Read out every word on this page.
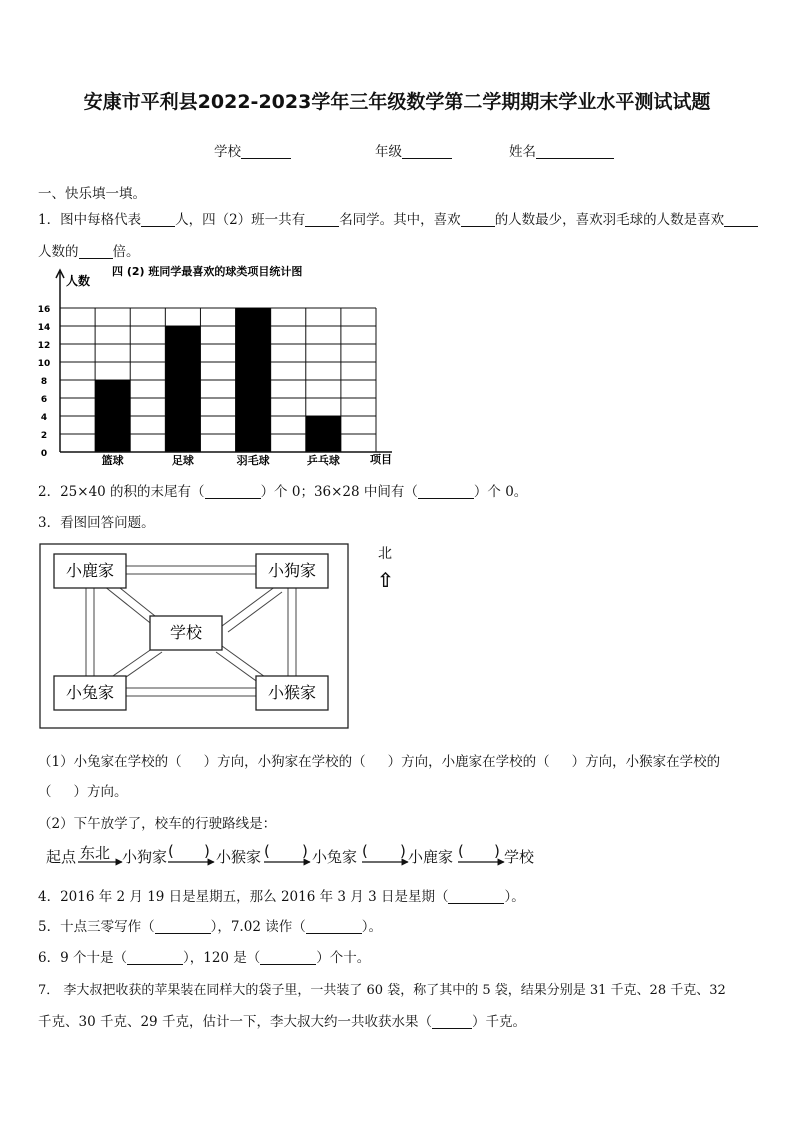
安康市平利县2022-2023学年三年级数学第二学期期末学业水平测试试题
学校	年级	姓名
一、快乐填一填。
1．图中每格代表	人，四（2）班一共有	名同学。其中，喜欢	的人数最少，喜欢羽毛球的人数是喜欢
人数的	倍。
0
2
4
6
8
10
12
14
16
篮球	足球	羽毛球	乒乓球
人数
四 (2) 班同学最喜欢的球类项目统计图
项目
2．25×40 的积的末尾有（	）个 0；36×28 中间有（	）个 0。
3．看图回答问题。
小鹿家	小狗家
学校
小兔家	小猴家
北
⇧
（1）小兔家在学校的（ ）方向，小狗家在学校的（ ）方向，小鹿家在学校的（ ）方向，小猴家在学校的
（ ）方向。
（2）下午放学了，校车的行驶路线是：
起点 东北 小狗家 ( ) 小猴家 ( ) 小兔家 ( ) 小鹿家 ( ) 学校
4．2016 年 2 月 19 日是星期五，那么 2016 年 3 月 3 日是星期（	）。
5．十点三零写作（	），7.02 读作（	）。
6．9 个十是（	），120 是（	）个十。
7． 李大叔把收获的苹果装在同样大的袋子里，一共装了 60 袋，称了其中的 5 袋，结果分别是 31 千克、28 千克、32
千克、30 千克、29 千克，估计一下，李大叔大约一共收获水果（	）千克。
